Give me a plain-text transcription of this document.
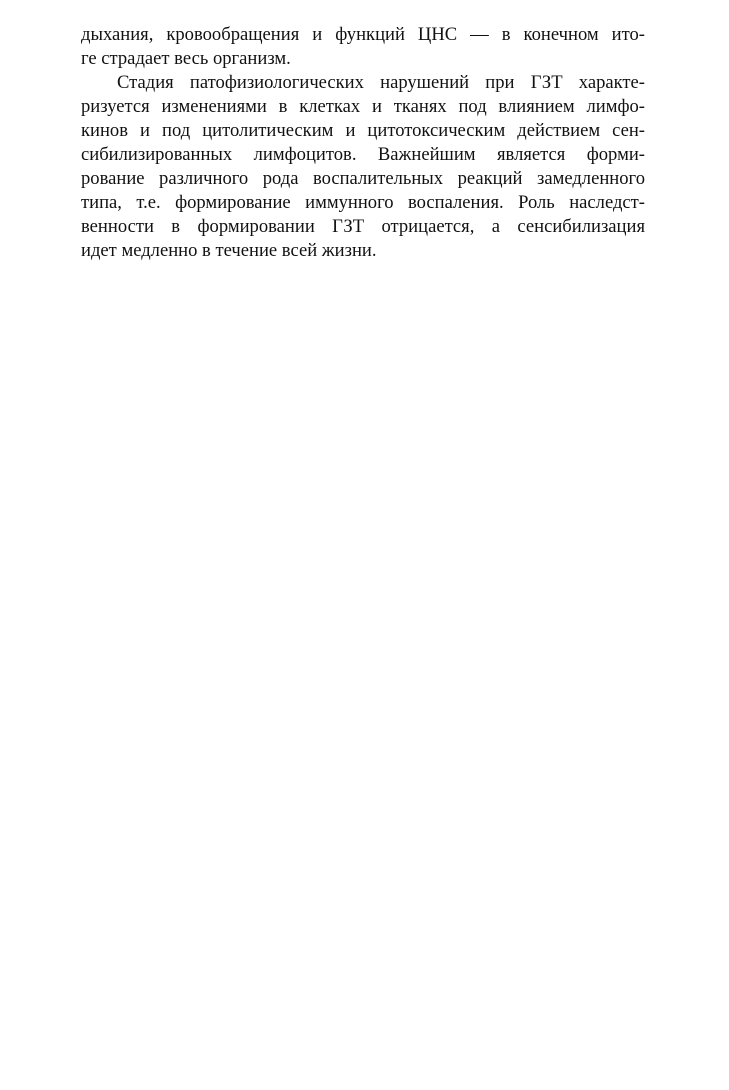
дыхания, кровообращения и функций ЦНС — в конечном ито-
ге страдает весь организм.
Стадия патофизиологических нарушений при ГЗТ характе-
ризуется изменениями в клетках и тканях под влиянием лимфо-
кинов и под цитолитическим и цитотоксическим действием сен-
сибилизированных лимфоцитов. Важнейшим является форми-
рование различного рода воспалительных реакций замедленного
типа, т.е. формирование иммунного воспаления. Роль наследст-
венности в формировании ГЗТ отрицается, а сенсибилизация
идет медленно в течение всей жизни.
